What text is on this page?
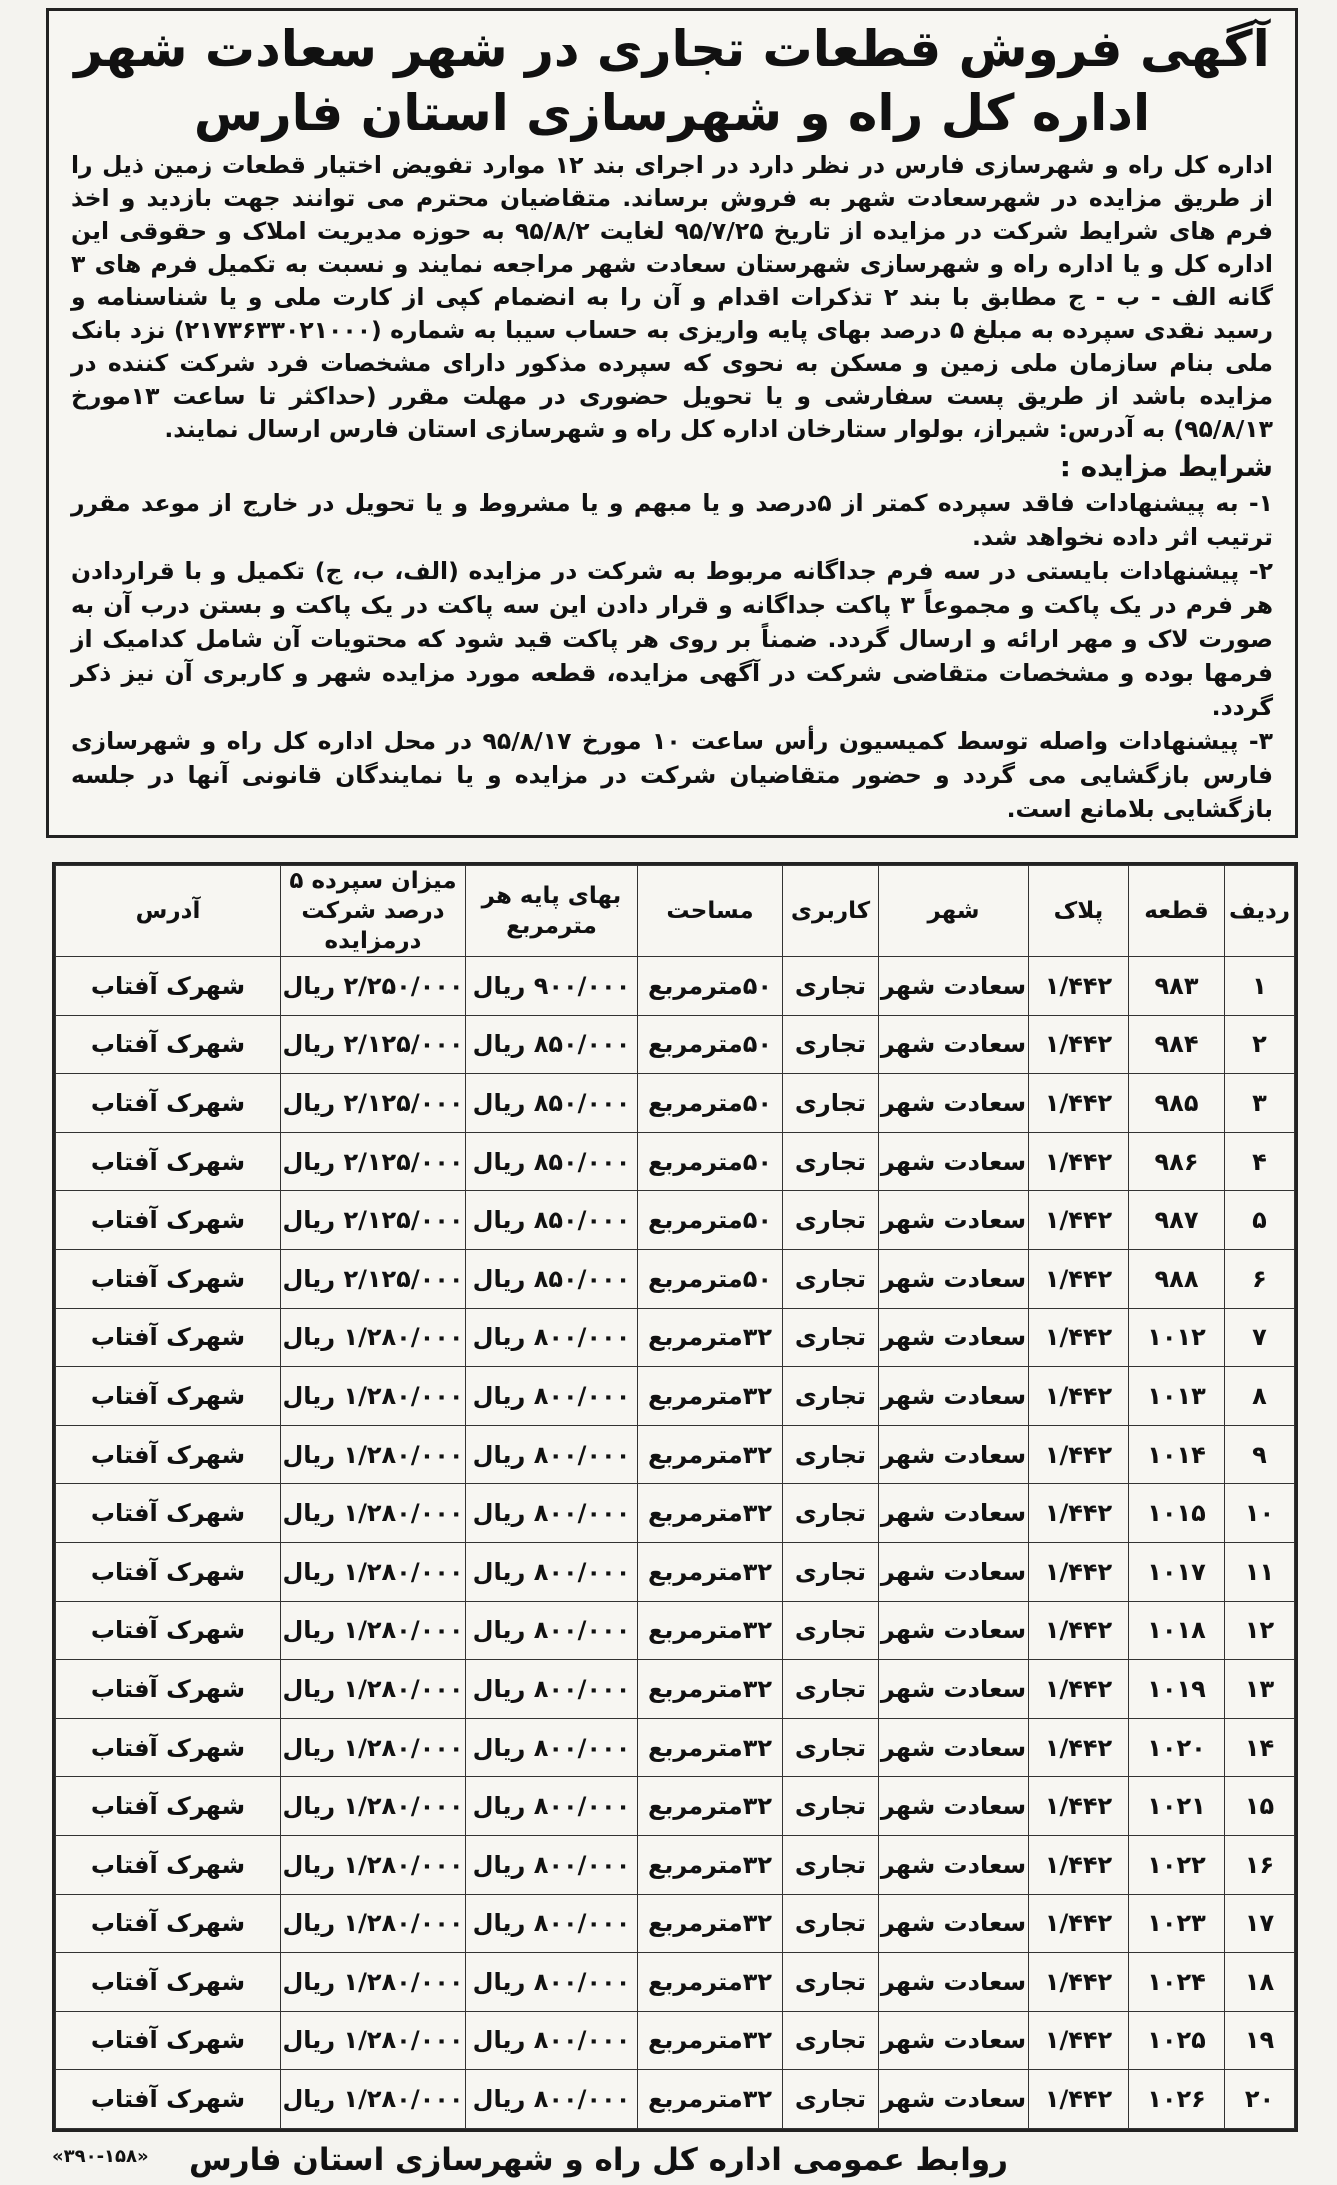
آگهی فروش قطعات تجاری در شهر سعادت شهر
اداره کل راه و شهرسازی استان فارس

اداره کل راه و شهرسازی فارس در نظر دارد در اجرای بند ۱۲ موارد تفویض اختیار قطعات زمین ذیل را از طریق مزایده در شهرسعادت شهر به فروش برساند. متقاضیان محترم می توانند جهت بازدید و اخذ فرم های شرایط شرکت در مزایده از تاریخ ۹۵/۷/۲۵ لغایت ۹۵/۸/۲ به حوزه مدیریت املاک و حقوقی این اداره کل و یا اداره راه و شهرسازی شهرستان سعادت شهر مراجعه نمایند و نسبت به تکمیل فرم های ۳ گانه الف - ب - ج مطابق با بند ۲ تذکرات اقدام و آن را به انضمام کپی از کارت ملی و یا شناسنامه و رسید نقدی سپرده به مبلغ ۵ درصد بهای پایه واریزی به حساب سیبا به شماره (۲۱۷۳۶۳۳۰۲۱۰۰۰) نزد بانک ملی بنام سازمان ملی زمین و مسکن به نحوی که سپرده مذکور دارای مشخصات فرد شرکت کننده در مزایده باشد از طریق پست سفارشی و یا تحویل حضوری در مهلت مقرر (حداکثر تا ساعت ۱۳مورخ ۹۵/۸/۱۳) به آدرس: شیراز، بولوار ستارخان اداره کل راه و شهرسازی استان فارس ارسال نمایند.

شرایط مزایده :

۱- به پیشنهادات فاقد سپرده کمتر از ۵درصد و یا مبهم و یا مشروط و یا تحویل در خارج از موعد مقرر ترتیب اثر داده نخواهد شد.

۲- پیشنهادات بایستی در سه فرم جداگانه مربوط به شرکت در مزایده (الف، ب، ج) تکمیل و با قراردادن هر فرم در یک پاکت و مجموعاً ۳ پاکت جداگانه و قرار دادن این سه پاکت در یک پاکت و بستن درب آن به صورت لاک و مهر ارائه و ارسال گردد. ضمناً بر روی هر پاکت قید شود که محتویات آن شامل کدامیک از فرمها بوده و مشخصات متقاضی شرکت در آگهی مزایده، قطعه مورد مزایده شهر و کاربری آن نیز ذکر گردد.

۳- پیشنهادات واصله توسط کمیسیون رأس ساعت ۱۰ مورخ ۹۵/۸/۱۷ در محل اداره کل راه و شهرسازی فارس بازگشایی می گردد و حضور متقاضیان شرکت در مزایده و یا نمایندگان قانونی آنها در جلسه بازگشایی بلامانع است.

ردیف	قطعه	پلاک	شهر	کاربری	مساحت	بهای پایه هر مترمربع	میزان سپرده ۵ درصد شرکت درمزایده	آدرس
۱	۹۸۳	۱/۴۴۲	سعادت شهر	تجاری	۵۰مترمربع	۹۰۰/۰۰۰ ریال	۲/۲۵۰/۰۰۰ ریال	شهرک آفتاب
۲	۹۸۴	۱/۴۴۲	سعادت شهر	تجاری	۵۰مترمربع	۸۵۰/۰۰۰ ریال	۲/۱۲۵/۰۰۰ ریال	شهرک آفتاب
۳	۹۸۵	۱/۴۴۲	سعادت شهر	تجاری	۵۰مترمربع	۸۵۰/۰۰۰ ریال	۲/۱۲۵/۰۰۰ ریال	شهرک آفتاب
۴	۹۸۶	۱/۴۴۲	سعادت شهر	تجاری	۵۰مترمربع	۸۵۰/۰۰۰ ریال	۲/۱۲۵/۰۰۰ ریال	شهرک آفتاب
۵	۹۸۷	۱/۴۴۲	سعادت شهر	تجاری	۵۰مترمربع	۸۵۰/۰۰۰ ریال	۲/۱۲۵/۰۰۰ ریال	شهرک آفتاب
۶	۹۸۸	۱/۴۴۲	سعادت شهر	تجاری	۵۰مترمربع	۸۵۰/۰۰۰ ریال	۲/۱۲۵/۰۰۰ ریال	شهرک آفتاب
۷	۱۰۱۲	۱/۴۴۲	سعادت شهر	تجاری	۳۲مترمربع	۸۰۰/۰۰۰ ریال	۱/۲۸۰/۰۰۰ ریال	شهرک آفتاب
۸	۱۰۱۳	۱/۴۴۲	سعادت شهر	تجاری	۳۲مترمربع	۸۰۰/۰۰۰ ریال	۱/۲۸۰/۰۰۰ ریال	شهرک آفتاب
۹	۱۰۱۴	۱/۴۴۲	سعادت شهر	تجاری	۳۲مترمربع	۸۰۰/۰۰۰ ریال	۱/۲۸۰/۰۰۰ ریال	شهرک آفتاب
۱۰	۱۰۱۵	۱/۴۴۲	سعادت شهر	تجاری	۳۲مترمربع	۸۰۰/۰۰۰ ریال	۱/۲۸۰/۰۰۰ ریال	شهرک آفتاب
۱۱	۱۰۱۷	۱/۴۴۲	سعادت شهر	تجاری	۳۲مترمربع	۸۰۰/۰۰۰ ریال	۱/۲۸۰/۰۰۰ ریال	شهرک آفتاب
۱۲	۱۰۱۸	۱/۴۴۲	سعادت شهر	تجاری	۳۲مترمربع	۸۰۰/۰۰۰ ریال	۱/۲۸۰/۰۰۰ ریال	شهرک آفتاب
۱۳	۱۰۱۹	۱/۴۴۲	سعادت شهر	تجاری	۳۲مترمربع	۸۰۰/۰۰۰ ریال	۱/۲۸۰/۰۰۰ ریال	شهرک آفتاب
۱۴	۱۰۲۰	۱/۴۴۲	سعادت شهر	تجاری	۳۲مترمربع	۸۰۰/۰۰۰ ریال	۱/۲۸۰/۰۰۰ ریال	شهرک آفتاب
۱۵	۱۰۲۱	۱/۴۴۲	سعادت شهر	تجاری	۳۲مترمربع	۸۰۰/۰۰۰ ریال	۱/۲۸۰/۰۰۰ ریال	شهرک آفتاب
۱۶	۱۰۲۲	۱/۴۴۲	سعادت شهر	تجاری	۳۲مترمربع	۸۰۰/۰۰۰ ریال	۱/۲۸۰/۰۰۰ ریال	شهرک آفتاب
۱۷	۱۰۲۳	۱/۴۴۲	سعادت شهر	تجاری	۳۲مترمربع	۸۰۰/۰۰۰ ریال	۱/۲۸۰/۰۰۰ ریال	شهرک آفتاب
۱۸	۱۰۲۴	۱/۴۴۲	سعادت شهر	تجاری	۳۲مترمربع	۸۰۰/۰۰۰ ریال	۱/۲۸۰/۰۰۰ ریال	شهرک آفتاب
۱۹	۱۰۲۵	۱/۴۴۲	سعادت شهر	تجاری	۳۲مترمربع	۸۰۰/۰۰۰ ریال	۱/۲۸۰/۰۰۰ ریال	شهرک آفتاب
۲۰	۱۰۲۶	۱/۴۴۲	سعادت شهر	تجاری	۳۲مترمربع	۸۰۰/۰۰۰ ریال	۱/۲۸۰/۰۰۰ ریال	شهرک آفتاب
روابط عمومی اداره کل راه و شهرسازی استان فارس
«۳۹۰-۱۵۸»
